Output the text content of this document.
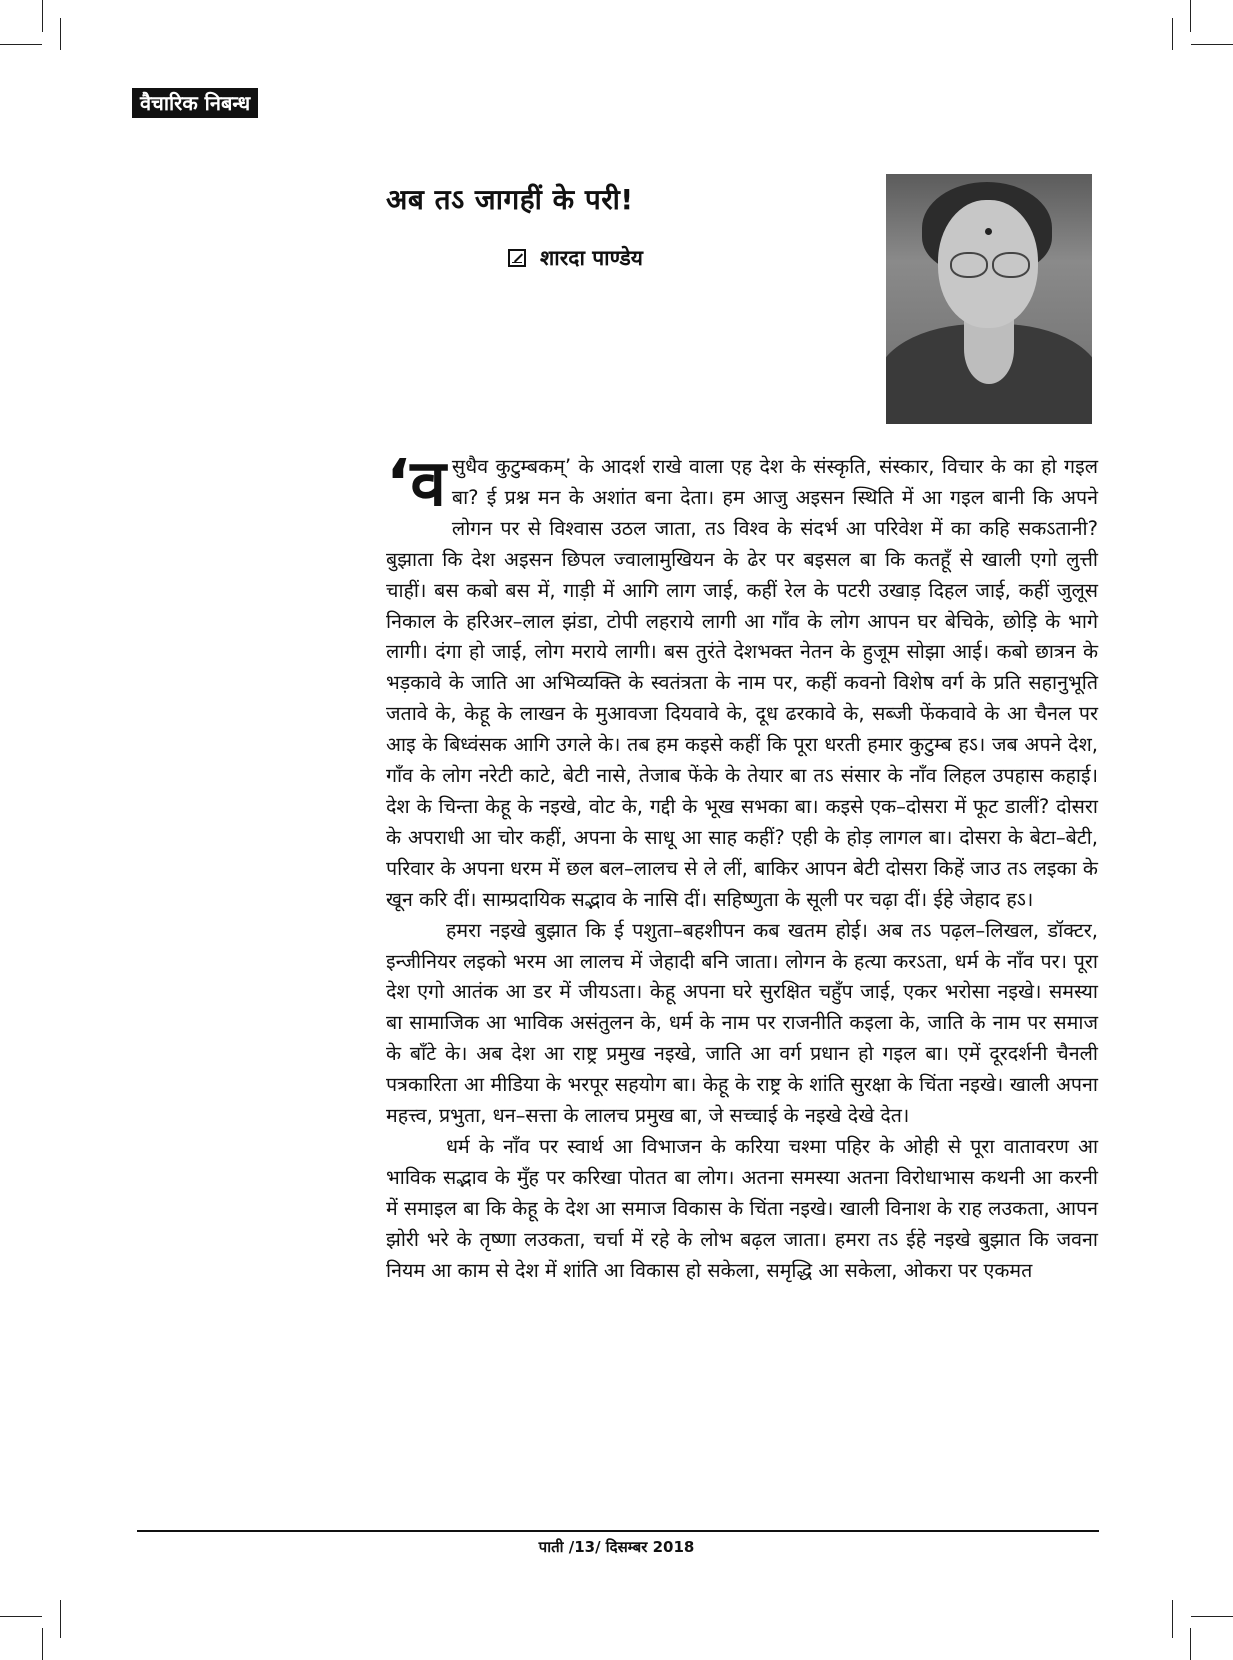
वैचारिक निबन्ध
अब तऽ जागहीं के परी!
शारदा पाण्डेय

‘वसुधैव कुटुम्बकम्’ के आदर्श राखे वाला एह देश के संस्कृति, संस्कार, विचार के का हो गइल बा? ई प्रश्न मन के अशांत बना देता। हम आजु अइसन स्थिति में आ गइल बानी कि अपने लोगन पर से विश्वास उठल जाता, तऽ विश्व के संदर्भ आ परिवेश में का कहि सकऽतानी? बुझाता कि देश अइसन छिपल ज्वालामुखियन के ढेर पर बइसल बा कि कतहूँ से खाली एगो लुत्ती चाहीं। बस कबो बस में, गाड़ी में आगि लाग जाई, कहीं रेल के पटरी उखाड़ दिहल जाई, कहीं जुलूस निकाल के हरिअर–लाल झंडा, टोपी लहराये लागी आ गाँव के लोग आपन घर बेचिके, छोड़ि के भागे लागी। दंगा हो जाई, लोग मराये लागी। बस तुरंते देशभक्त नेतन के हुजूम सोझा आई। कबो छात्रन के भड़कावे के जाति आ अभिव्यक्ति के स्वतंत्रता के नाम पर, कहीं कवनो विशेष वर्ग के प्रति सहानुभूति जतावे के, केहू के लाखन के मुआवजा दियवावे के, दूध ढरकावे के, सब्जी फेंकवावे के आ चैनल पर आइ के बिध्वंसक आगि उगले के। तब हम कइसे कहीं कि पूरा धरती हमार कुटुम्ब हऽ। जब अपने देश, गाँव के लोग नरेटी काटे, बेटी नासे, तेजाब फेंके के तेयार बा तऽ संसार के नाँव लिहल उपहास कहाई। देश के चिन्ता केहू के नइखे, वोट के, गद्दी के भूख सभका बा। कइसे एक–दोसरा में फूट डालीं? दोसरा के अपराधी आ चोर कहीं, अपना के साधू आ साह कहीं? एही के होड़ लागल बा। दोसरा के बेटा–बेटी, परिवार के अपना धरम में छल बल–लालच से ले लीं, बाकिर आपन बेटी दोसरा किहें जाउ तऽ लइका के खून करि दीं। साम्प्रदायिक सद्भाव के नासि दीं। सहिष्णुता के सूली पर चढ़ा दीं। ईहे जेहाद हऽ।

हमरा नइखे बुझात कि ई पशुता–बहशीपन कब खतम होई। अब तऽ पढ़ल–लिखल, डॉक्टर, इन्जीनियर लइको भरम आ लालच में जेहादी बनि जाता। लोगन के हत्या करऽता, धर्म के नाँव पर। पूरा देश एगो आतंक आ डर में जीयऽता। केहू अपना घरे सुरक्षित चहुँप जाई, एकर भरोसा नइखे। समस्या बा सामाजिक आ भाविक असंतुलन के, धर्म के नाम पर राजनीति कइला के, जाति के नाम पर समाज के बाँटे के। अब देश आ राष्ट्र प्रमुख नइखे, जाति आ वर्ग प्रधान हो गइल बा। एमें दूरदर्शनी चैनली पत्रकारिता आ मीडिया के भरपूर सहयोग बा। केहू के राष्ट्र के शांति सुरक्षा के चिंता नइखे। खाली अपना महत्त्व, प्रभुता, धन–सत्ता के लालच प्रमुख बा, जे सच्चाई के नइखे देखे देत।

धर्म के नाँव पर स्वार्थ आ विभाजन के करिया चश्मा पहिर के ओही से पूरा वातावरण आ भाविक सद्भाव के मुँह पर करिखा पोतत बा लोग। अतना समस्या अतना विरोधाभास कथनी आ करनी में समाइल बा कि केहू के देश आ समाज विकास के चिंता नइखे। खाली विनाश के राह लउकता, आपन झोरी भरे के तृष्णा लउकता, चर्चा में रहे के लोभ बढ़ल जाता। हमरा तऽ ईहे नइखे बुझात कि जवना नियम आ काम से देश में शांति आ विकास हो सकेला, समृद्धि आ सकेला, ओकरा पर एकमत

पाती /13/ दिसम्बर 2018
